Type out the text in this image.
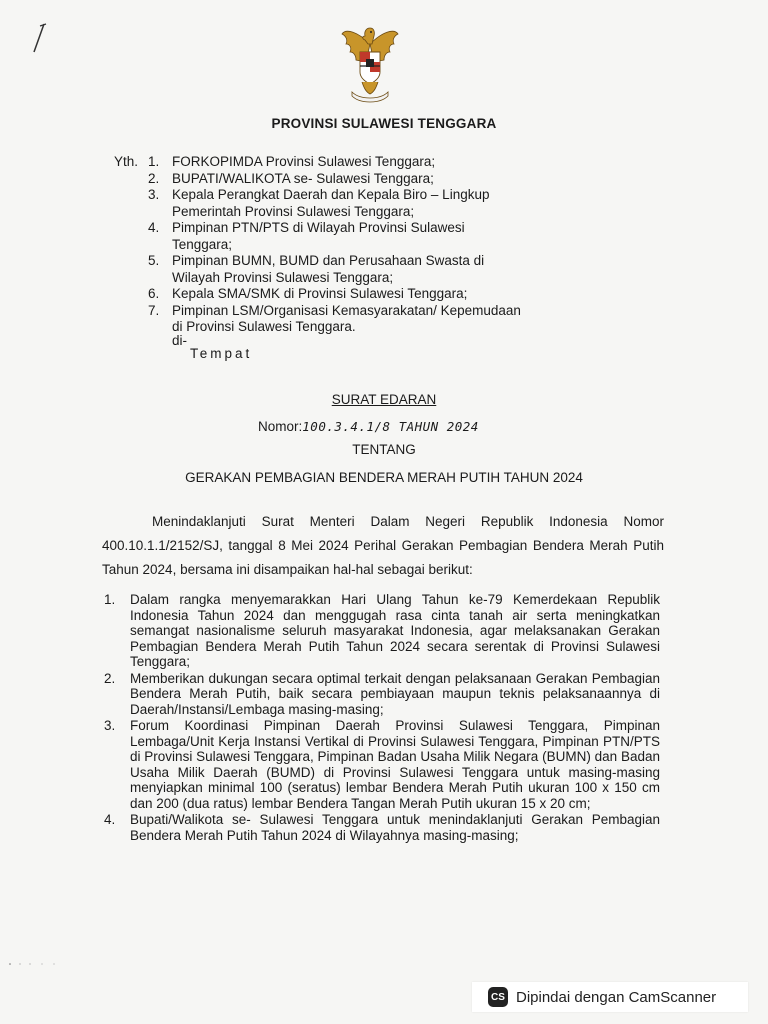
PROVINSI SULAWESI TENGGARA
Yth. 1. FORKOPIMDA Provinsi Sulawesi Tenggara;
2. BUPATI/WALIKOTA se- Sulawesi Tenggara;
3. Kepala Perangkat Daerah dan Kepala Biro – Lingkup Pemerintah Provinsi Sulawesi Tenggara;
4. Pimpinan PTN/PTS di Wilayah Provinsi Sulawesi Tenggara;
5. Pimpinan BUMN, BUMD dan Perusahaan Swasta di Wilayah Provinsi Sulawesi Tenggara;
6. Kepala SMA/SMK di Provinsi Sulawesi Tenggara;
7. Pimpinan LSM/Organisasi Kemasyarakatan/ Kepemudaan di Provinsi Sulawesi Tenggara.
di-
Tempat
SURAT EDARAN
Nomor:100.3.4.1/8 TAHUN 2024
TENTANG
GERAKAN PEMBAGIAN BENDERA MERAH PUTIH TAHUN 2024
Menindaklanjuti Surat Menteri Dalam Negeri Republik Indonesia Nomor 400.10.1.1/2152/SJ, tanggal 8 Mei 2024 Perihal Gerakan Pembagian Bendera Merah Putih Tahun 2024, bersama ini disampaikan hal-hal sebagai berikut:
1.	Dalam rangka menyemarakkan Hari Ulang Tahun ke-79 Kemerdekaan Republik Indonesia Tahun 2024 dan menggugah rasa cinta tanah air serta meningkatkan semangat nasionalisme seluruh masyarakat Indonesia, agar melaksanakan Gerakan Pembagian Bendera Merah Putih Tahun 2024 secara serentak di Provinsi Sulawesi Tenggara;
2.	Memberikan dukungan secara optimal terkait dengan pelaksanaan Gerakan Pembagian Bendera Merah Putih, baik secara pembiayaan maupun teknis pelaksanaannya di Daerah/Instansi/Lembaga masing-masing;
3.	Forum Koordinasi Pimpinan Daerah Provinsi Sulawesi Tenggara, Pimpinan Lembaga/Unit Kerja Instansi Vertikal di Provinsi Sulawesi Tenggara, Pimpinan PTN/PTS di Provinsi Sulawesi Tenggara, Pimpinan Badan Usaha Milik Negara (BUMN) dan Badan Usaha Milik Daerah (BUMD) di Provinsi Sulawesi Tenggara untuk masing-masing menyiapkan minimal 100 (seratus) lembar Bendera Merah Putih ukuran 100 x 150 cm dan 200 (dua ratus) lembar Bendera Tangan Merah Putih ukuran 15 x 20 cm;
4.	Bupati/Walikota se- Sulawesi Tenggara untuk menindaklanjuti Gerakan Pembagian Bendera Merah Putih Tahun 2024 di Wilayahnya masing-masing;
CS Dipindai dengan CamScanner
